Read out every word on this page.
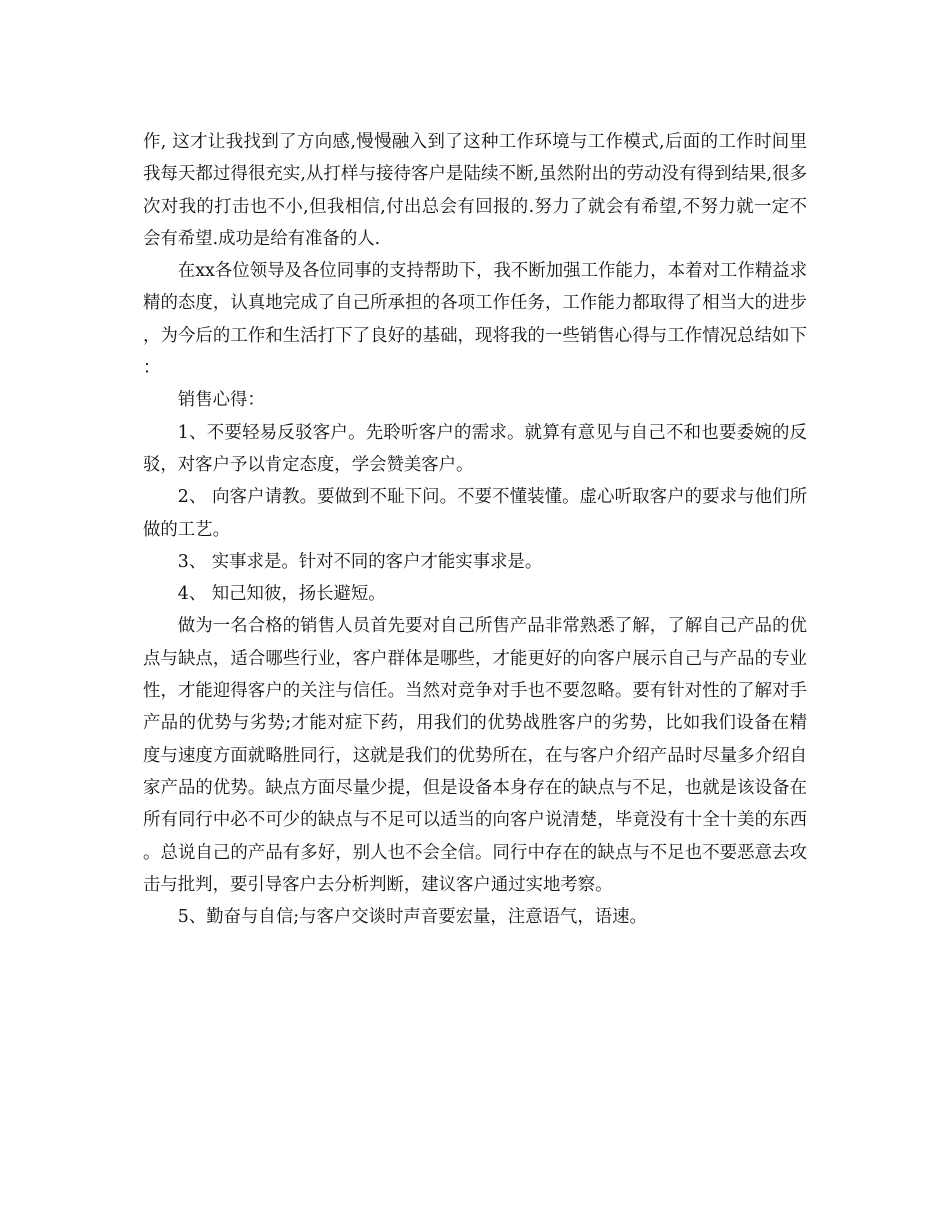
作, 这才让我找到了方向感,慢慢融入到了这种工作环境与工作模式,后面的工作时间里我每天都过得很充实,从打样与接待客户是陆续不断,虽然附出的劳动没有得到结果,很多次对我的打击也不小,但我相信,付出总会有回报的.努力了就会有希望,不努力就一定不会有希望.成功是给有准备的人.

在xx各位领导及各位同事的支持帮助下，我不断加强工作能力，本着对工作精益求精的态度，认真地完成了自己所承担的各项工作任务，工作能力都取得了相当大的进步，为今后的工作和生活打下了良好的基础，现将我的一些销售心得与工作情况总结如下：

销售心得：

1、不要轻易反驳客户。先聆听客户的需求。就算有意见与自己不和也要委婉的反驳，对客户予以肯定态度，学会赞美客户。

2、 向客户请教。要做到不耻下问。不要不懂装懂。虚心听取客户的要求与他们所做的工艺。

3、 实事求是。针对不同的客户才能实事求是。

4、 知己知彼，扬长避短。

做为一名合格的销售人员首先要对自己所售产品非常熟悉了解，了解自己产品的优点与缺点，适合哪些行业，客户群体是哪些，才能更好的向客户展示自己与产品的专业性，才能迎得客户的关注与信任。当然对竞争对手也不要忽略。要有针对性的了解对手产品的优势与劣势;才能对症下药，用我们的优势战胜客户的劣势，比如我们设备在精度与速度方面就略胜同行，这就是我们的优势所在，在与客户介绍产品时尽量多介绍自家产品的优势。缺点方面尽量少提，但是设备本身存在的缺点与不足，也就是该设备在所有同行中必不可少的缺点与不足可以适当的向客户说清楚，毕竟没有十全十美的东西。总说自己的产品有多好，别人也不会全信。同行中存在的缺点与不足也不要恶意去攻击与批判，要引导客户去分析判断，建议客户通过实地考察。

5、勤奋与自信;与客户交谈时声音要宏量，注意语气，语速。
